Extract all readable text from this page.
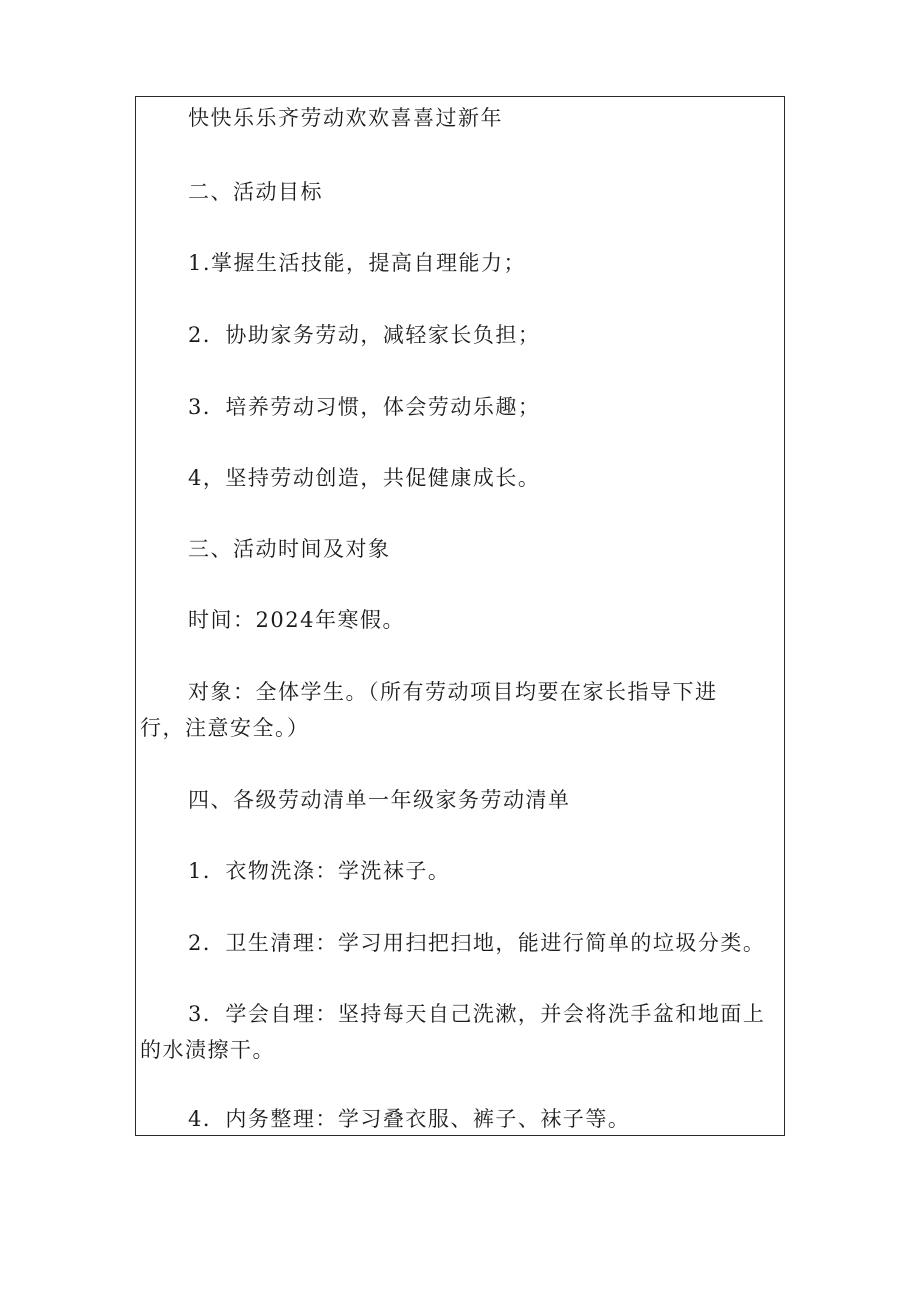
快快乐乐齐劳动欢欢喜喜过新年
二、活动目标
1.掌握生活技能，提高自理能力；
2．协助家务劳动，减轻家长负担；
3．培养劳动习惯，体会劳动乐趣；
4，坚持劳动创造，共促健康成长。
三、活动时间及对象
时间：2024年寒假。
对象：全体学生。（所有劳动项目均要在家长指导下进
行，注意安全。）
四、各级劳动清单一年级家务劳动清单
1．衣物洗涤：学洗袜子。
2．卫生清理：学习用扫把扫地，能进行简单的垃圾分类。
3．学会自理：坚持每天自己洗漱，并会将洗手盆和地面上
的水渍擦干。
4．内务整理：学习叠衣服、裤子、袜子等。
